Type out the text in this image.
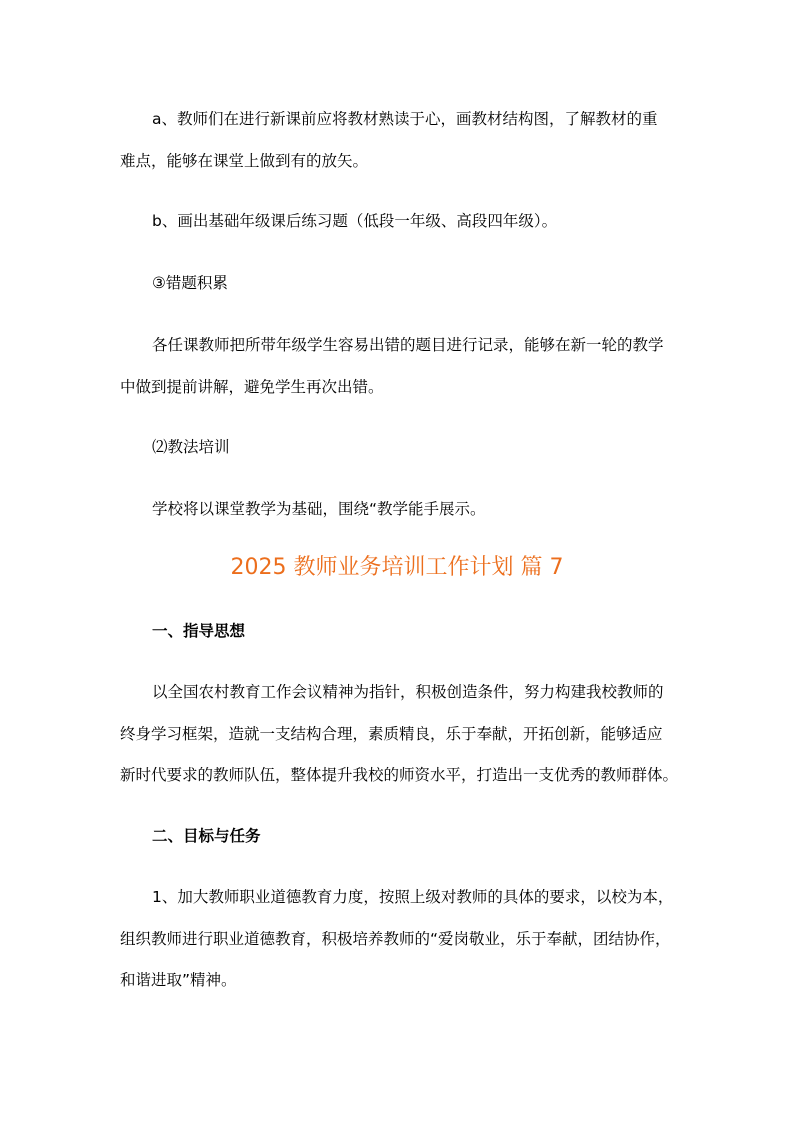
a、教师们在进行新课前应将教材熟读于心，画教材结构图，了解教材的重

难点，能够在课堂上做到有的放矢。

b、画出基础年级课后练习题（低段一年级、高段四年级）。

③错题积累

各任课教师把所带年级学生容易出错的题目进行记录，能够在新一轮的教学

中做到提前讲解，避免学生再次出错。

⑵教法培训

学校将以课堂教学为基础，围绕“教学能手展示。

2025 教师业务培训工作计划 篇 7

一、指导思想

以全国农村教育工作会议精神为指针，积极创造条件，努力构建我校教师的

终身学习框架，造就一支结构合理，素质精良，乐于奉献，开拓创新，能够适应

新时代要求的教师队伍，整体提升我校的师资水平，打造出一支优秀的教师群体。

二、目标与任务

1、加大教师职业道德教育力度，按照上级对教师的具体的要求，以校为本，

组织教师进行职业道德教育，积极培养教师的“爱岗敬业，乐于奉献，团结协作，

和谐进取”精神。
